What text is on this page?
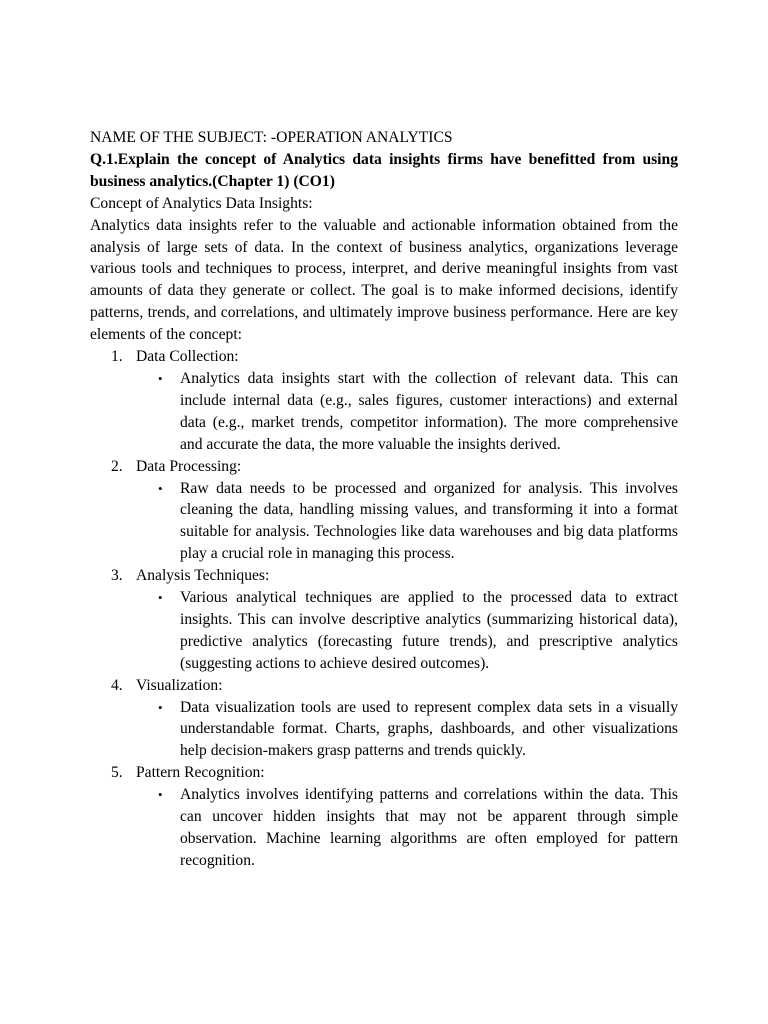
NAME OF THE SUBJECT: -OPERATION ANALYTICS

Q.1.Explain the concept of Analytics data insights firms have benefitted from using business analytics.(Chapter 1) (CO1)

Concept of Analytics Data Insights:

Analytics data insights refer to the valuable and actionable information obtained from the analysis of large sets of data. In the context of business analytics, organizations leverage various tools and techniques to process, interpret, and derive meaningful insights from vast amounts of data they generate or collect. The goal is to make informed decisions, identify patterns, trends, and correlations, and ultimately improve business performance. Here are key elements of the concept:

1. Data Collection:
• Analytics data insights start with the collection of relevant data. This can include internal data (e.g., sales figures, customer interactions) and external data (e.g., market trends, competitor information). The more comprehensive and accurate the data, the more valuable the insights derived.
2. Data Processing:
• Raw data needs to be processed and organized for analysis. This involves cleaning the data, handling missing values, and transforming it into a format suitable for analysis. Technologies like data warehouses and big data platforms play a crucial role in managing this process.
3. Analysis Techniques:
• Various analytical techniques are applied to the processed data to extract insights. This can involve descriptive analytics (summarizing historical data), predictive analytics (forecasting future trends), and prescriptive analytics (suggesting actions to achieve desired outcomes).
4. Visualization:
• Data visualization tools are used to represent complex data sets in a visually understandable format. Charts, graphs, dashboards, and other visualizations help decision-makers grasp patterns and trends quickly.
5. Pattern Recognition:
• Analytics involves identifying patterns and correlations within the data. This can uncover hidden insights that may not be apparent through simple observation. Machine learning algorithms are often employed for pattern recognition.
